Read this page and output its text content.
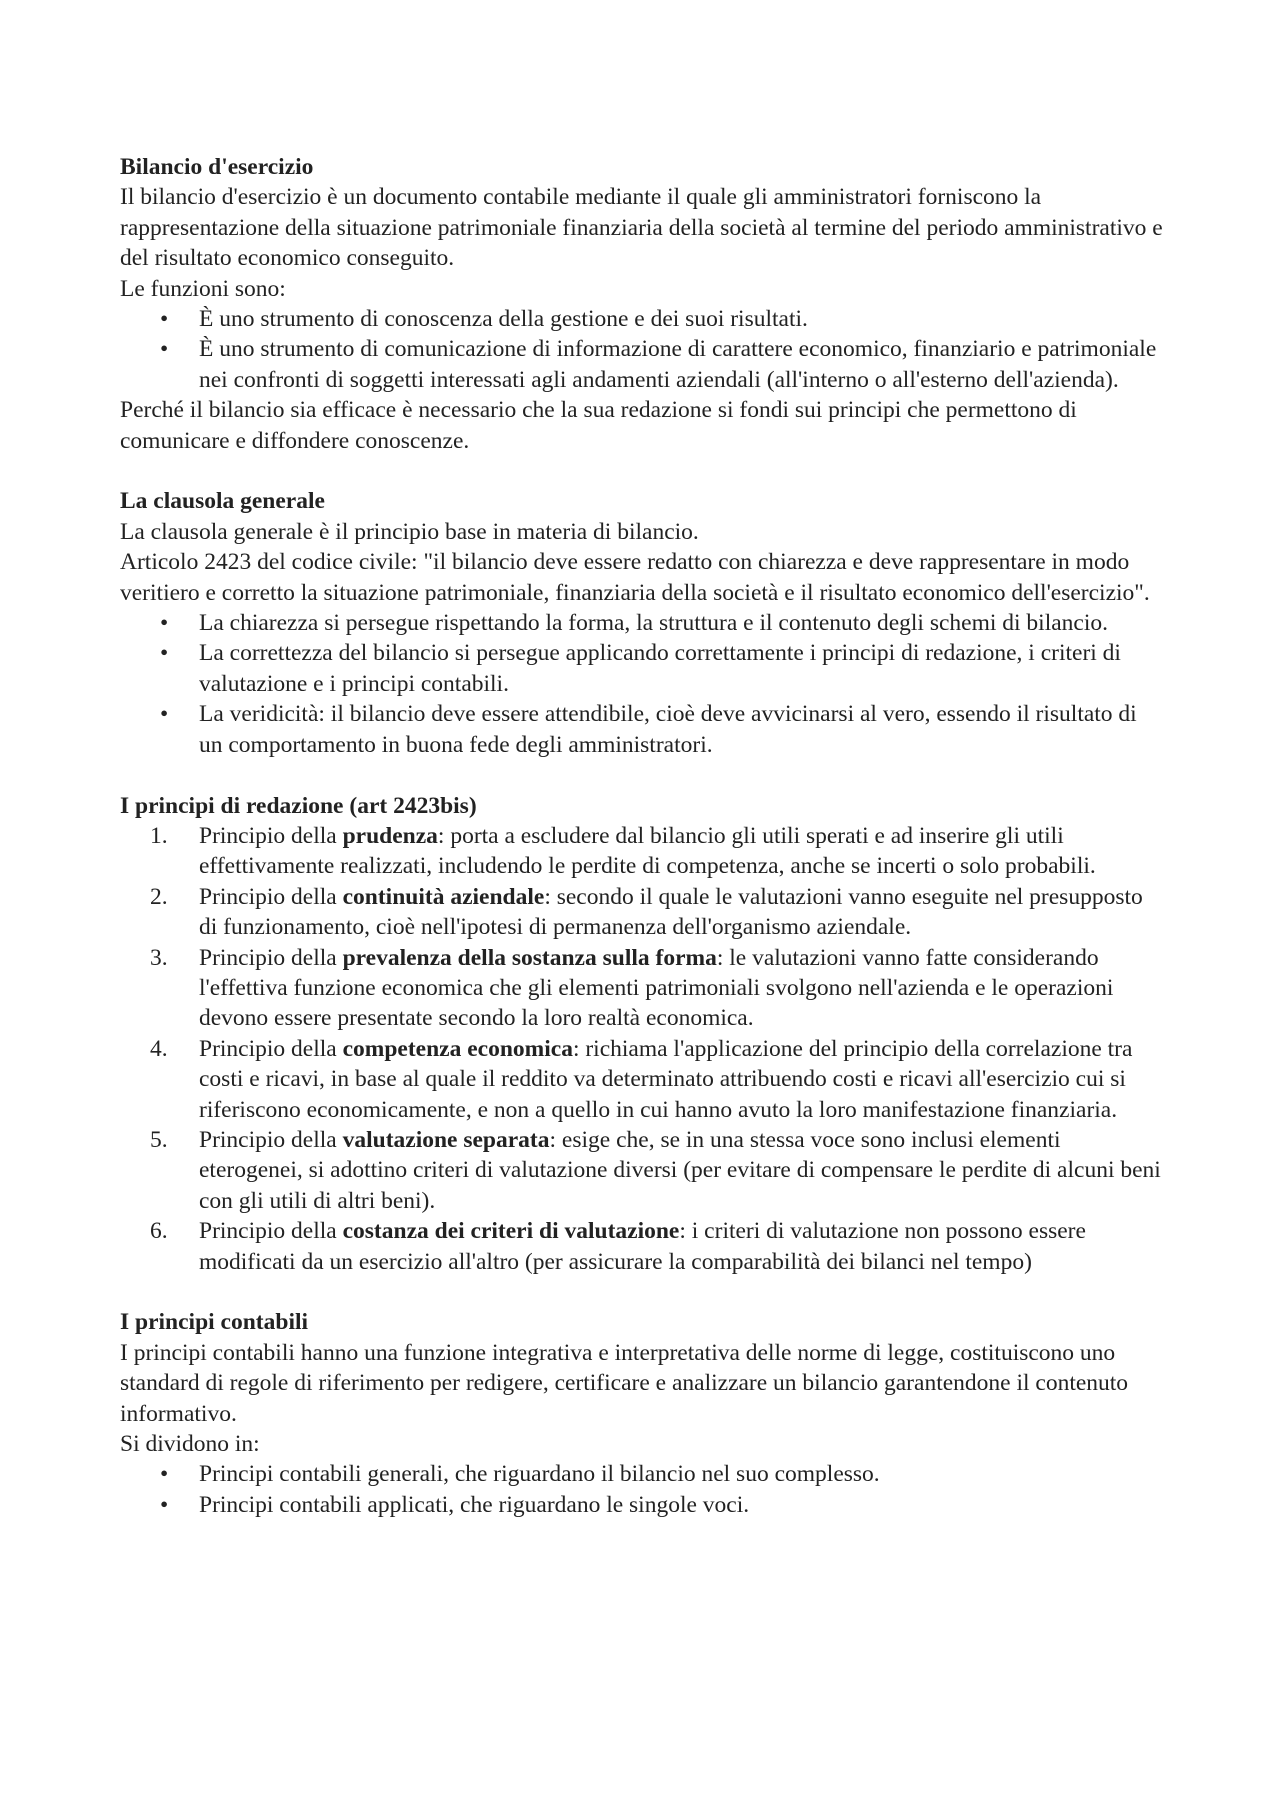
Bilancio d'esercizio

Il bilancio d'esercizio è un documento contabile mediante il quale gli amministratori forniscono la rappresentazione della situazione patrimoniale finanziaria della società al termine del periodo amministrativo e del risultato economico conseguito.

Le funzioni sono:

•	È uno strumento di conoscenza della gestione e dei suoi risultati.
•	È uno strumento di comunicazione di informazione di carattere economico, finanziario e patrimoniale nei confronti di soggetti interessati agli andamenti aziendali (all'interno o all'esterno dell'azienda).

Perché il bilancio sia efficace è necessario che la sua redazione si fondi sui principi che permettono di comunicare e diffondere conoscenze.

La clausola generale

La clausola generale è il principio base in materia di bilancio.

Articolo 2423 del codice civile: "il bilancio deve essere redatto con chiarezza e deve rappresentare in modo veritiero e corretto la situazione patrimoniale, finanziaria della società e il risultato economico dell'esercizio".

•	La chiarezza si persegue rispettando la forma, la struttura e il contenuto degli schemi di bilancio.
•	La correttezza del bilancio si persegue applicando correttamente i principi di redazione, i criteri di valutazione e i principi contabili.
•	La veridicità: il bilancio deve essere attendibile, cioè deve avvicinarsi al vero, essendo il risultato di un comportamento in buona fede degli amministratori.

I principi di redazione (art 2423bis)

1.	Principio della prudenza: porta a escludere dal bilancio gli utili sperati e ad inserire gli utili effettivamente realizzati, includendo le perdite di competenza, anche se incerti o solo probabili.
2.	Principio della continuità aziendale: secondo il quale le valutazioni vanno eseguite nel presupposto di funzionamento, cioè nell'ipotesi di permanenza dell'organismo aziendale.
3.	Principio della prevalenza della sostanza sulla forma: le valutazioni vanno fatte considerando l'effettiva funzione economica che gli elementi patrimoniali svolgono nell'azienda e le operazioni devono essere presentate secondo la loro realtà economica.
4.	Principio della competenza economica: richiama l'applicazione del principio della correlazione tra costi e ricavi, in base al quale il reddito va determinato attribuendo costi e ricavi all'esercizio cui si riferiscono economicamente, e non a quello in cui hanno avuto la loro manifestazione finanziaria.
5.	Principio della valutazione separata: esige che, se in una stessa voce sono inclusi elementi eterogenei, si adottino criteri di valutazione diversi (per evitare di compensare le perdite di alcuni beni con gli utili di altri beni).
6.	Principio della costanza dei criteri di valutazione: i criteri di valutazione non possono essere modificati da un esercizio all'altro (per assicurare la comparabilità dei bilanci nel tempo)

I principi contabili

I principi contabili hanno una funzione integrativa e interpretativa delle norme di legge, costituiscono uno standard di regole di riferimento per redigere, certificare e analizzare un bilancio garantendone il contenuto informativo.

Si dividono in:

•	Principi contabili generali, che riguardano il bilancio nel suo complesso.
•	Principi contabili applicati, che riguardano le singole voci.
